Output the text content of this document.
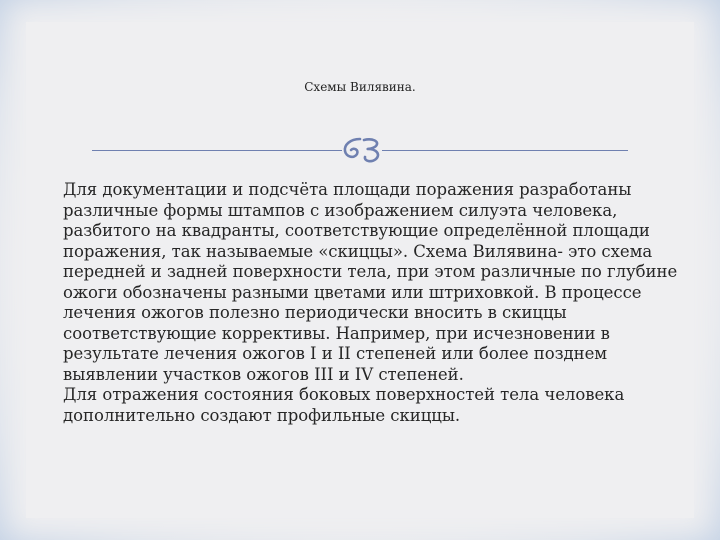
Схемы Вилявина.

Для документации и подсчёта площади поражения разработаны различные формы штампов с изображением силуэта человека, разбитого на квадранты, соответствующие определённой площади поражения, так называемые «скиццы». Схема Вилявина- это схема передней и задней поверхности тела, при этом различные по глубине ожоги обозначены разными цветами или штриховкой. В процессе лечения ожогов полезно периодически вносить в скиццы соответствующие коррективы. Например, при исчезновении в результате лечения ожогов I и II степеней или более позднем выявлении участков ожогов III и IV степеней.

Для отражения состояния боковых поверхностей тела человека дополнительно создают профильные скиццы.
